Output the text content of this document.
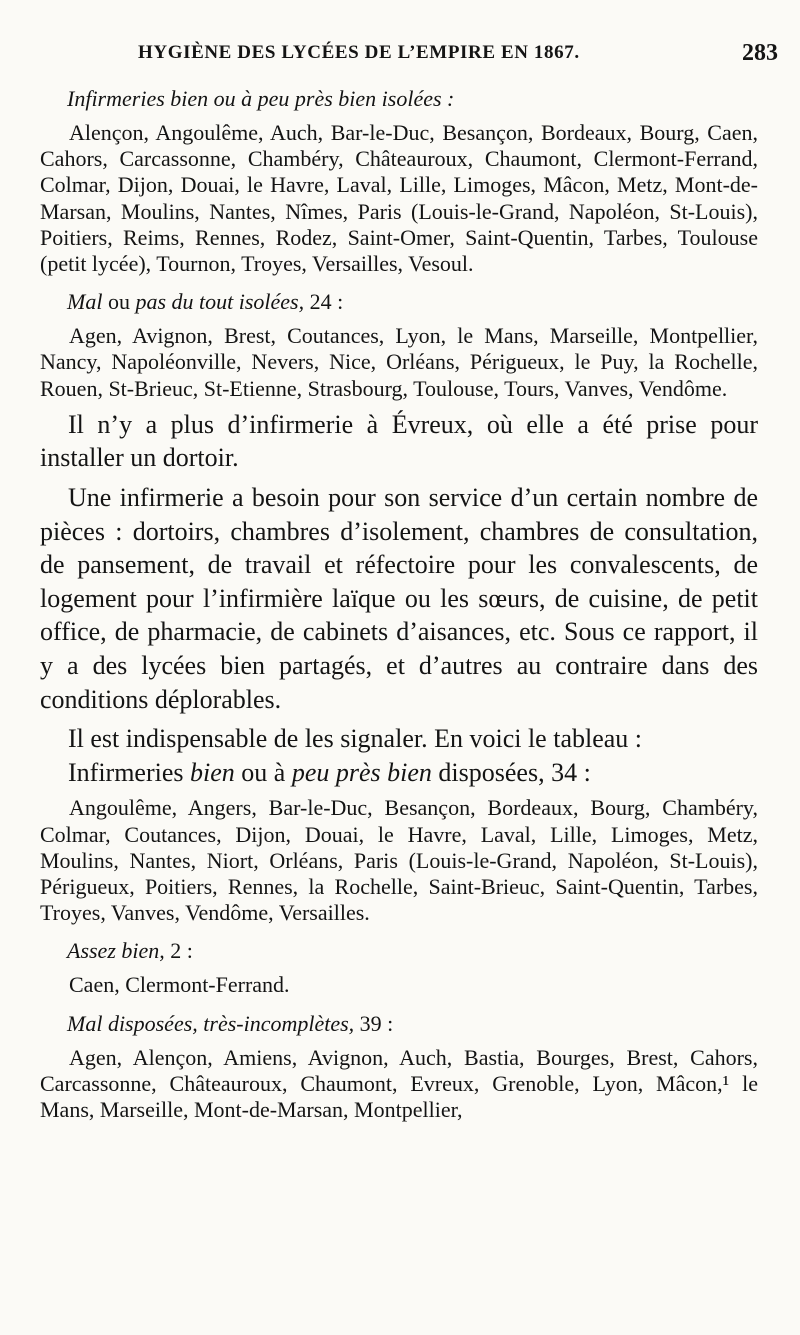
HYGIÈNE DES LYCÉES DE L’EMPIRE EN 1867.	283
Infirmeries bien ou à peu près bien isolées :
Alençon, Angoulême, Auch, Bar-le-Duc, Besançon, Bordeaux, Bourg, Caen, Cahors, Carcassonne, Chambéry, Châteauroux, Chaumont, Clermont-Ferrand, Colmar, Dijon, Douai, le Havre, Laval, Lille, Limoges, Mâcon, Metz, Mont-de-Marsan, Moulins, Nantes, Nîmes, Paris (Louis-le-Grand, Napoléon, St-Louis), Poitiers, Reims, Rennes, Rodez, Saint-Omer, Saint-Quentin, Tarbes, Toulouse (petit lycée), Tournon, Troyes, Versailles, Vesoul.
Mal ou pas du tout isolées, 24 :
Agen, Avignon, Brest, Coutances, Lyon, le Mans, Marseille, Montpellier, Nancy, Napoléonville, Nevers, Nice, Orléans, Périgueux, le Puy, la Rochelle, Rouen, St-Brieuc, St-Etienne, Strasbourg, Toulouse, Tours, Vanves, Vendôme.
Il n’y a plus d’infirmerie à Évreux, où elle a été prise pour installer un dortoir.
Une infirmerie a besoin pour son service d’un certain nombre de pièces : dortoirs, chambres d’isolement, chambres de consultation, de pansement, de travail et réfectoire pour les convalescents, de logement pour l’infirmière laïque ou les sœurs, de cuisine, de petit office, de pharmacie, de cabinets d’aisances, etc. Sous ce rapport, il y a des lycées bien partagés, et d’autres au contraire dans des conditions déplorables.
Il est indispensable de les signaler. En voici le tableau :
Infirmeries bien ou à peu près bien disposées, 34 :
Angoulême, Angers, Bar-le-Duc, Besançon, Bordeaux, Bourg, Chambéry, Colmar, Coutances, Dijon, Douai, le Havre, Laval, Lille, Limoges, Metz, Moulins, Nantes, Niort, Orléans, Paris (Louis-le-Grand, Napoléon, St-Louis), Périgueux, Poitiers, Rennes, la Rochelle, Saint-Brieuc, Saint-Quentin, Tarbes, Troyes, Vanves, Vendôme, Versailles.
Assez bien, 2 :
Caen, Clermont-Ferrand.
Mal disposées, très-incomplètes, 39 :
Agen, Alençon, Amiens, Avignon, Auch, Bastia, Bourges, Brest, Cahors, Carcassonne, Châteauroux, Chaumont, Evreux, Grenoble, Lyon, Mâcon,¹ le Mans, Marseille, Mont-de-Marsan, Montpellier,
